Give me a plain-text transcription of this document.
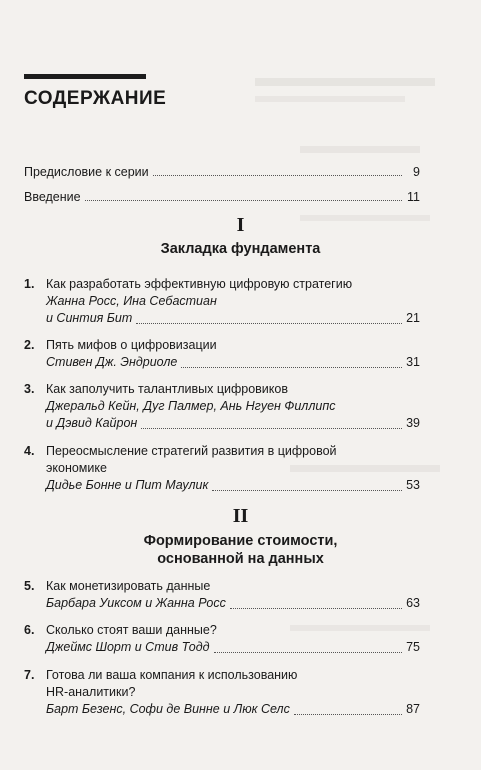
СОДЕРЖАНИЕ
Предисловие к серии	9
Введение	11
I
Закладка фундамента
1. Как разработать эффективную цифровую стратегию
Жанна Росс, Ина Себастиан
и Синтия Бит	21
2. Пять мифов о цифровизации
Стивен Дж. Эндриоле	31
3. Как заполучить талантливых цифровиков
Джеральд Кейн, Дуг Палмер, Ань Нгуен Филлипс
и Дэвид Кайрон	39
4. Переосмысление стратегий развития в цифровой
экономике
Дидье Бонне и Пит Маулик	53
II
Формирование стоимости,
основанной на данных
5. Как монетизировать данные
Барбара Уиксом и Жанна Росс	63
6. Сколько стоят ваши данные?
Джеймс Шорт и Стив Тодд	75
7. Готова ли ваша компания к использованию
HR-аналитики?
Барт Безенс, Софи де Винне и Люк Селс	87
